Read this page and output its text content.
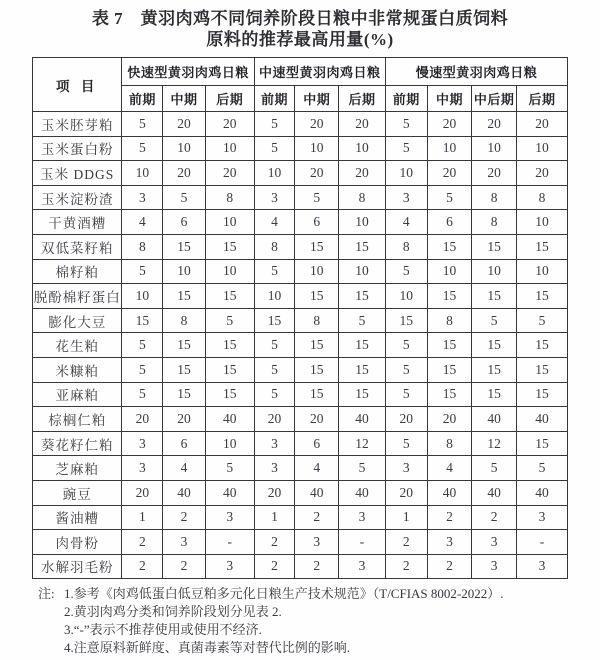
表 7　黄羽肉鸡不同饲养阶段日粮中非常规蛋白质饲料
原料的推荐最高用量(%)
项 目	快速型黄羽肉鸡日粮			中速型黄羽肉鸡日粮			慢速型黄羽肉鸡日粮			
	前期	中期	后期	前期	中期	后期	前期	中期	中后期	后期
玉米胚芽粕	5	20	20	5	20	20	5	20	20	20
玉米蛋白粉	5	10	10	5	10	10	5	10	10	10
玉米 DDGS	10	20	20	10	20	20	10	20	20	20
玉米淀粉渣	3	5	8	3	5	8	3	5	8	8
干黄酒糟	4	6	10	4	6	10	4	6	8	10
双低菜籽粕	8	15	15	8	15	15	8	15	15	15
棉籽粕	5	10	10	5	10	10	5	10	10	10
脱酚棉籽蛋白	10	15	15	10	15	15	10	15	15	15
膨化大豆	15	8	5	15	8	5	15	8	5	5
花生粕	5	15	15	5	15	15	5	15	15	15
米糠粕	5	15	15	5	15	15	5	15	15	15
亚麻粕	5	15	15	5	15	15	5	15	15	15
棕榈仁粕	20	20	40	20	20	40	20	20	40	40
葵花籽仁粕	3	6	10	3	6	12	5	8	12	15
芝麻粕	3	4	5	3	4	5	3	4	5	5
豌豆	20	40	40	20	40	40	20	40	40	40
酱油糟	1	2	3	1	2	3	1	2	2	3
肉骨粉	2	3	-	2	3	-	2	3	3	-
水解羽毛粉	2	2	3	2	2	3	2	2	3	3
注: 1.参考《肉鸡低蛋白低豆粕多元化日粮生产技术规范》（T/CFIAS 8002-2022）.
2.黄羽肉鸡分类和饲养阶段划分见表 2.
3.“-”表示不推荐使用或使用不经济.
4.注意原料新鲜度、真菌毒素等对替代比例的影响.
